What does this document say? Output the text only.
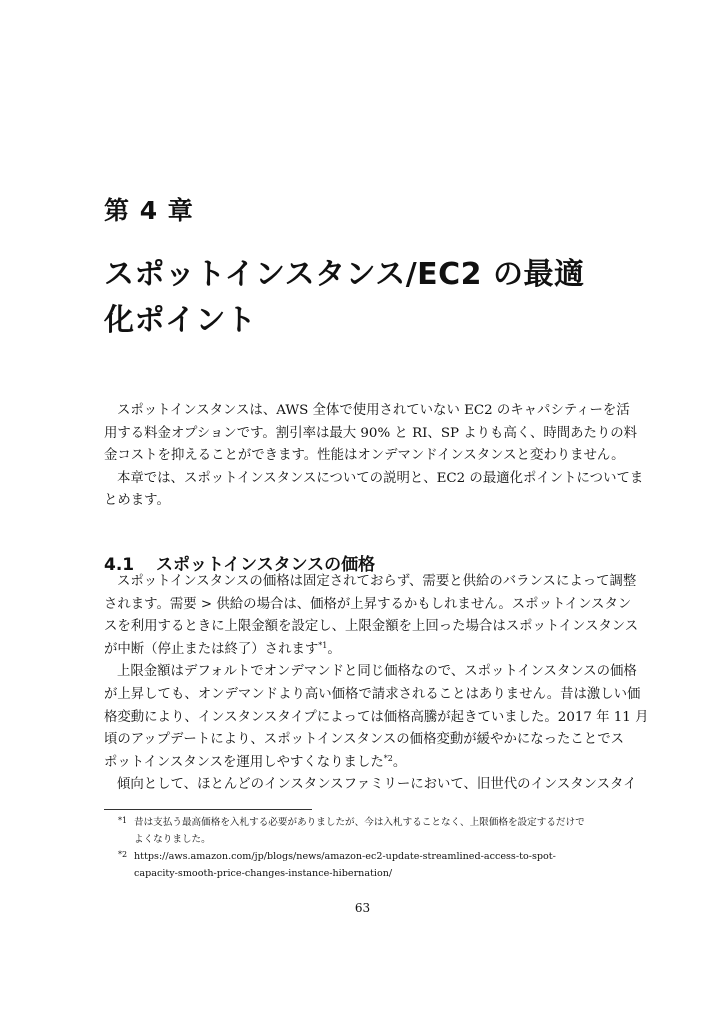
第 4 章
スポットインスタンス/EC2 の最適
化ポイント
スポットインスタンスは、AWS 全体で使用されていない EC2 のキャパシティーを活
用する料金オプションです。割引率は最大 90% と RI、SP よりも高く、時間あたりの料
金コストを抑えることができます。性能はオンデマンドインスタンスと変わりません。
本章では、スポットインスタンスについての説明と、EC2 の最適化ポイントについてま
とめます。
4.1 スポットインスタンスの価格
スポットインスタンスの価格は固定されておらず、需要と供給のバランスによって調整
されます。需要 > 供給の場合は、価格が上昇するかもしれません。スポットインスタン
スを利用するときに上限金額を設定し、上限金額を上回った場合はスポットインスタンス
が中断（停止または終了）されます$^{*1}$。
上限金額はデフォルトでオンデマンドと同じ価格なので、スポットインスタンスの価格
が上昇しても、オンデマンドより高い価格で請求されることはありません。昔は激しい価
格変動により、インスタンスタイプによっては価格高騰が起きていました。2017 年 11 月
頃のアップデートにより、スポットインスタンスの価格変動が緩やかになったことでス
ポットインスタンスを運用しやすくなりました$^{*2}$。
傾向として、ほとんどのインスタンスファミリーにおいて、旧世代のインスタンスタイ
*1 昔は支払う最高価格を入札する必要がありましたが、今は入札することなく、上限価格を設定するだけで
よくなりました。
*2 https://aws.amazon.com/jp/blogs/news/amazon-ec2-update-streamlined-access-to-spot-
capacity-smooth-price-changes-instance-hibernation/
63
